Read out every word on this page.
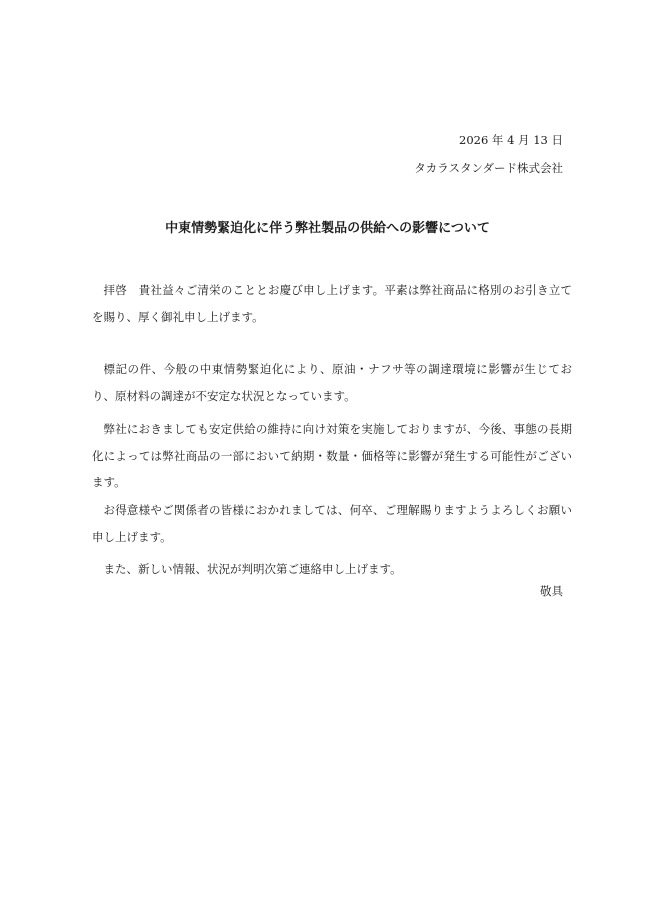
2026 年 4 月 13 日
タカラスタンダード株式会社
中東情勢緊迫化に伴う弊社製品の供給への影響について

拝啓　貴社益々ご清栄のこととお慶び申し上げます。平素は弊社商品に格別のお引き立てを賜り、厚く御礼申し上げます。

標記の件、今般の中東情勢緊迫化により、原油・ナフサ等の調達環境に影響が生じており、原材料の調達が不安定な状況となっています。

弊社におきましても安定供給の維持に向け対策を実施しておりますが、今後、事態の長期化によっては弊社商品の一部において納期・数量・価格等に影響が発生する可能性がございます。

お得意様やご関係者の皆様におかれましては、何卒、ご理解賜りますようよろしくお願い申し上げます。

また、新しい情報、状況が判明次第ご連絡申し上げます。

敬具
